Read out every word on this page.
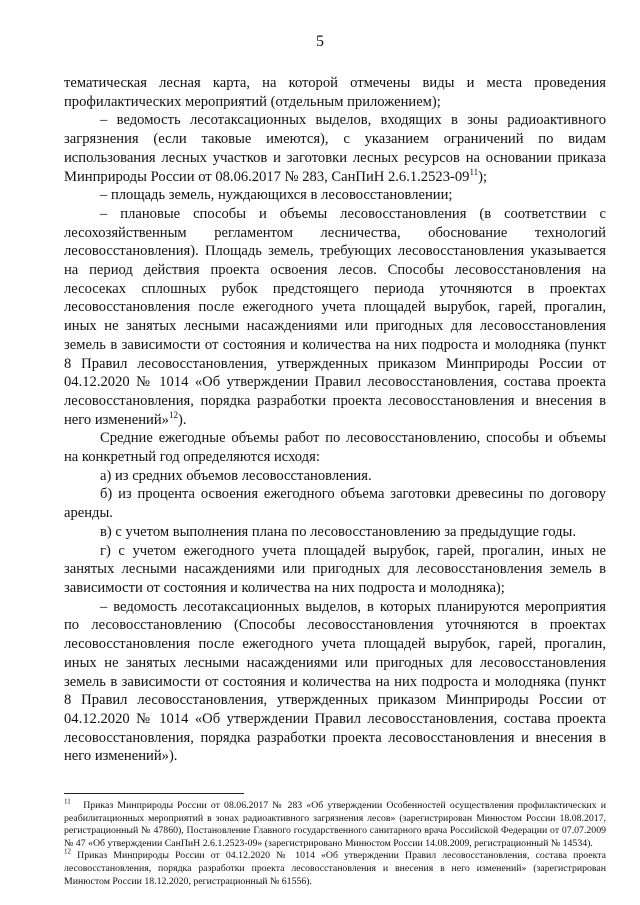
5

тематическая лесная карта, на которой отмечены виды и места проведения профилактических мероприятий (отдельным приложением);

– ведомость лесотаксационных выделов, входящих в зоны радиоактивного загрязнения (если таковые имеются), с указанием ограничений по видам использования лесных участков и заготовки лесных ресурсов на основании приказа Минприроды России от 08.06.2017 № 283, СанПиН $2.6.1.2523-09^{11}$);

– площадь земель, нуждающихся в лесовосстановлении;

– плановые способы и объемы лесовосстановления (в соответствии с лесохозяйственным регламентом лесничества, обоснование технологий лесовосстановления). Площадь земель, требующих лесовосстановления указывается на период действия проекта освоения лесов. Способы лесовосстановления на лесосеках сплошных рубок предстоящего периода уточняются в проектах лесовосстановления после ежегодного учета площадей вырубок, гарей, прогалин, иных не занятых лесными насаждениями или пригодных для лесовосстановления земель в зависимости от состояния и количества на них подроста и молодняка (пункт 8 Правил лесовосстановления, утвержденных приказом Минприроды России от 04.12.2020 № 1014 «Об утверждении Правил лесовосстановления, состава проекта лесовосстановления, порядка разработки проекта лесовосстановления и внесения в него изменений»$^{12}$).

Средние ежегодные объемы работ по лесовосстановлению, способы и объемы на конкретный год определяются исходя:

а) из средних объемов лесовосстановления.

б) из процента освоения ежегодного объема заготовки древесины по договору аренды.

в) с учетом выполнения плана по лесовосстановлению за предыдущие годы.

г) с учетом ежегодного учета площадей вырубок, гарей, прогалин, иных не занятых лесными насаждениями или пригодных для лесовосстановления земель в зависимости от состояния и количества на них подроста и молодняка);

– ведомость лесотаксационных выделов, в которых планируются мероприятия по лесовосстановлению (Способы лесовосстановления уточняются в проектах лесовосстановления после ежегодного учета площадей вырубок, гарей, прогалин, иных не занятых лесными насаждениями или пригодных для лесовосстановления земель в зависимости от состояния и количества на них подроста и молодняка (пункт 8 Правил лесовосстановления, утвержденных приказом Минприроды России от 04.12.2020 № 1014 «Об утверждении Правил лесовосстановления, состава проекта лесовосстановления, порядка разработки проекта лесовосстановления и внесения в него изменений»).

$^{11}$ Приказ Минприроды России от 08.06.2017 № 283 «Об утверждении Особенностей осуществления профилактических и реабилитационных мероприятий в зонах радиоактивного загрязнения лесов» (зарегистрирован Минюстом России 18.08.2017, регистрационный № 47860), Постановление Главного государственного санитарного врача Российской Федерации от 07.07.2009 № 47 «Об утверждении СанПиН 2.6.1.2523-09» (зарегистрировано Минюстом России 14.08.2009, регистрационный № 14534).

$^{12}$ Приказ Минприроды России от 04.12.2020 № 1014 «Об утверждении Правил лесовосстановления, состава проекта лесовосстановления, порядка разработки проекта лесовосстановления и внесения в него изменений» (зарегистрирован Минюстом России 18.12.2020, регистрационный № 61556).
